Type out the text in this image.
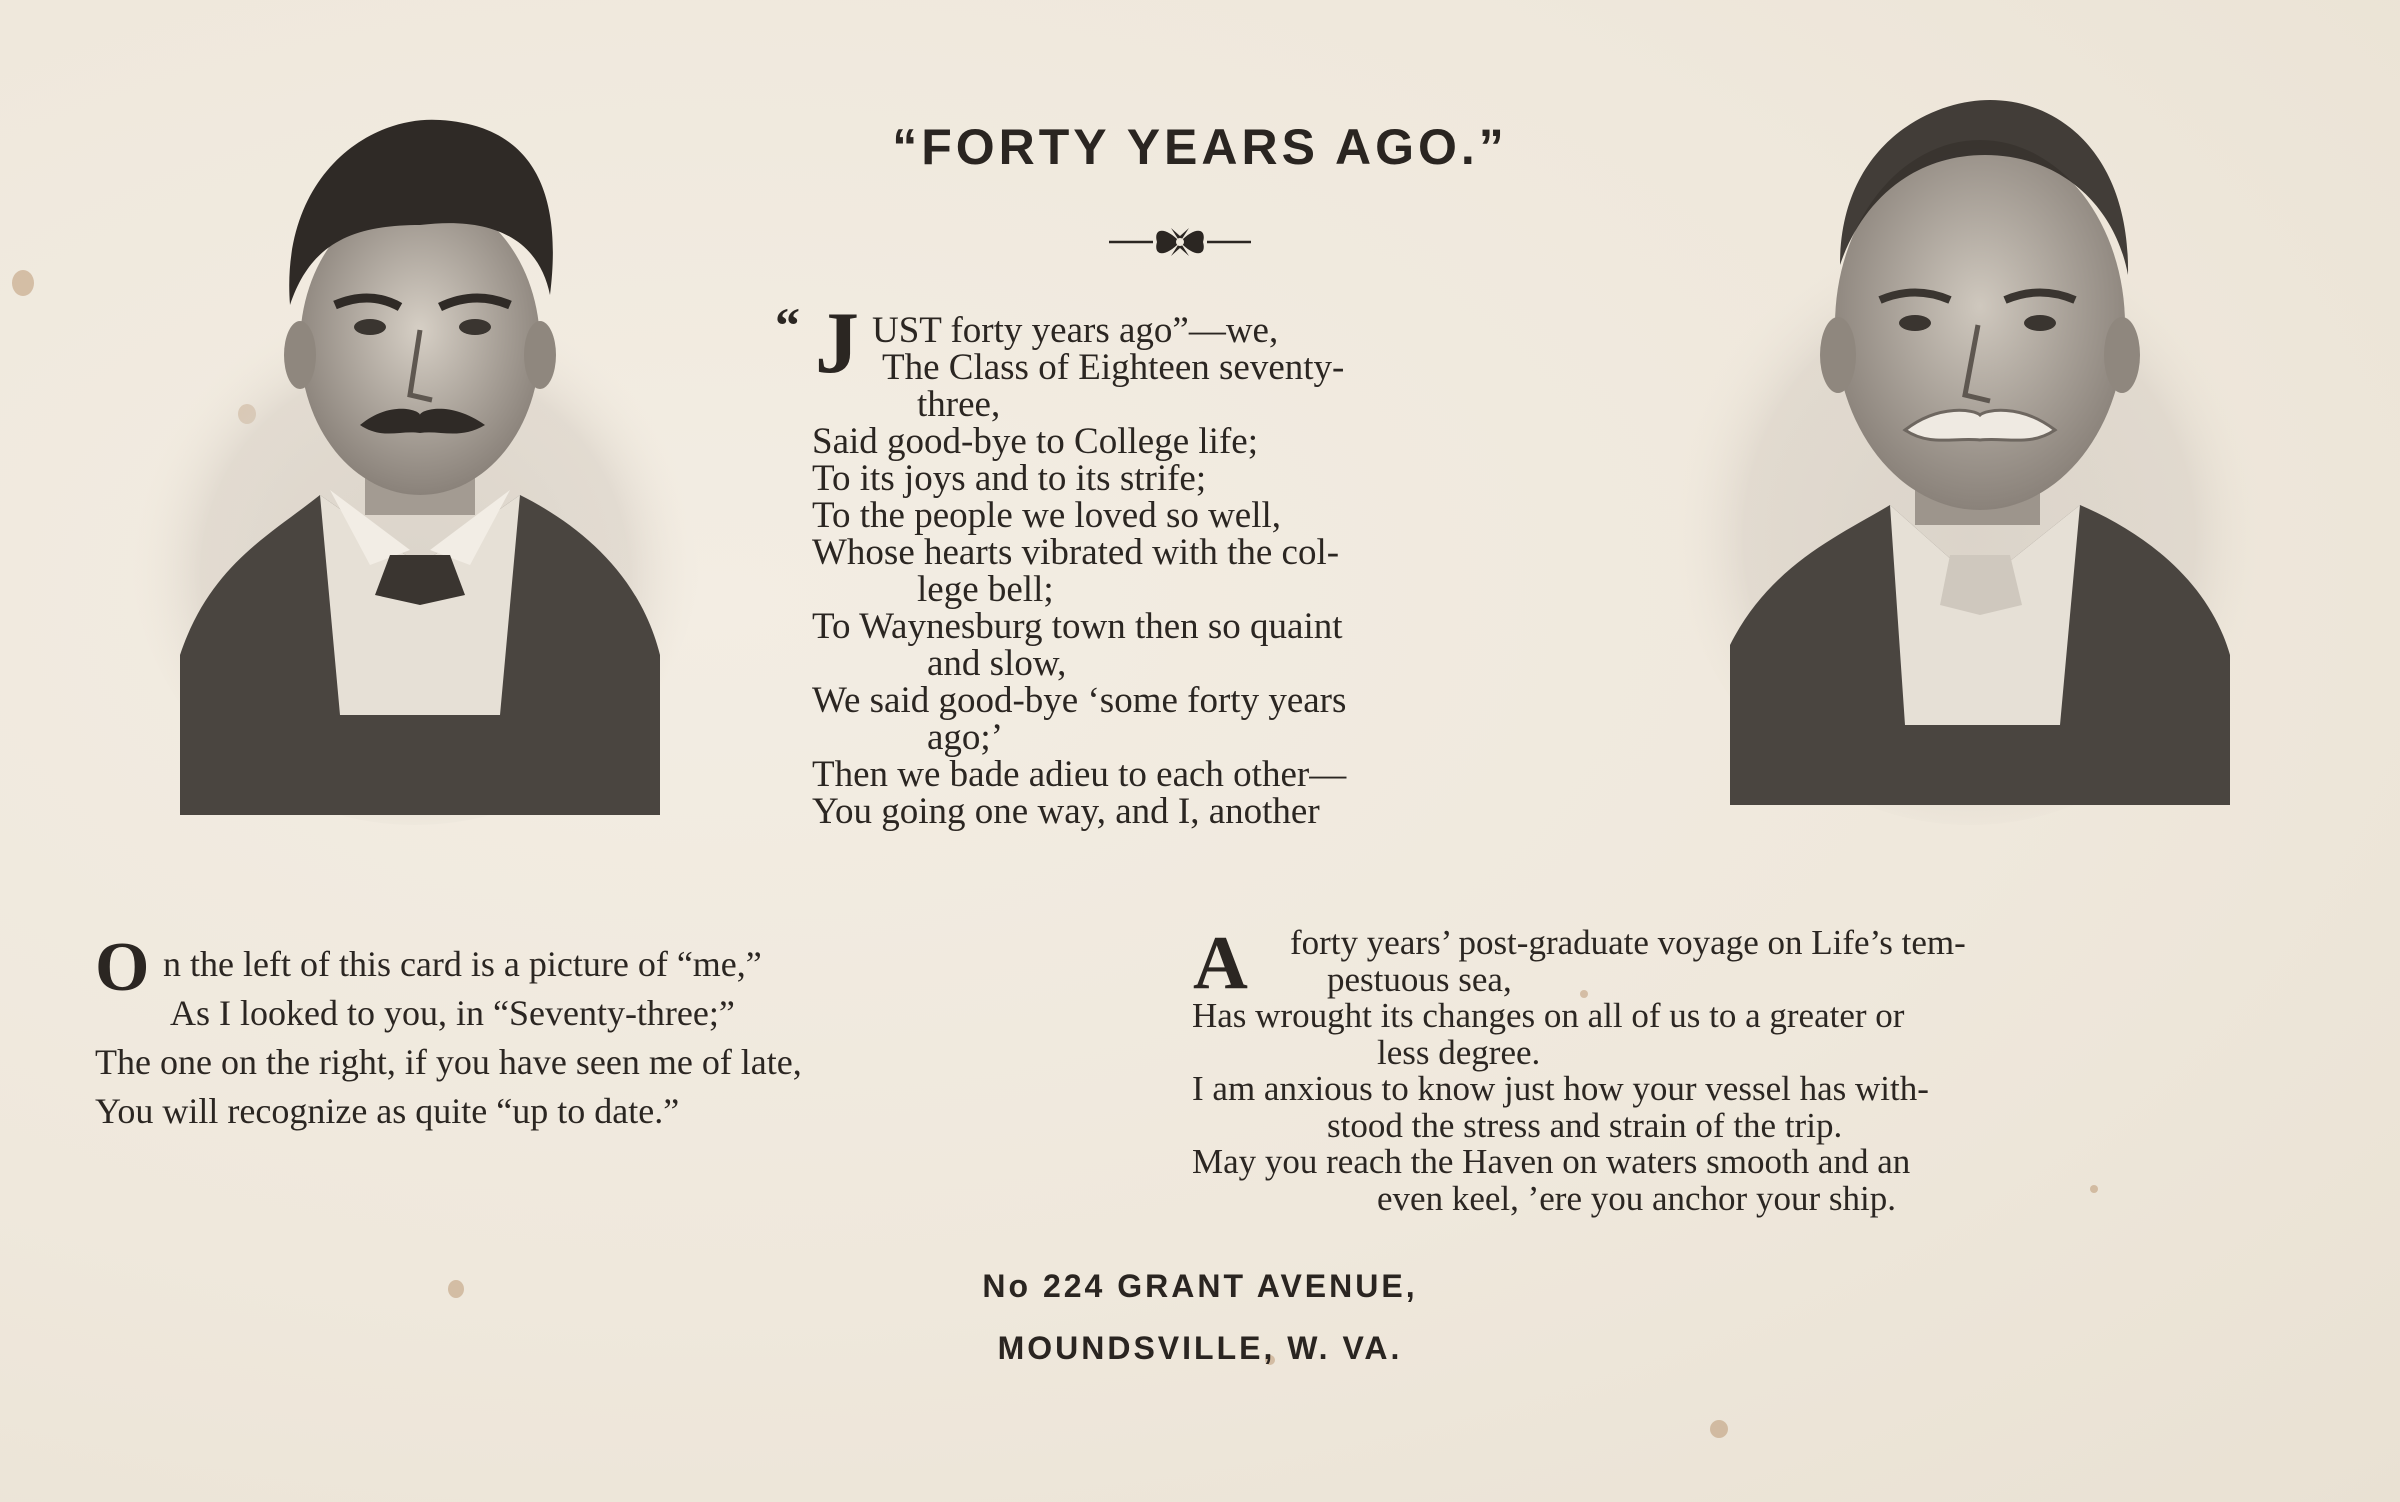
“FORTY YEARS AGO.”
“ J UST forty years ago”—we,
The Class of Eighteen seventy-
three,
Said good-bye to College life;
To its joys and to its strife;
To the people we loved so well,
Whose hearts vibrated with the col-
lege bell;
To Waynesburg town then so quaint
and slow,
We said good-bye ‘some forty years
ago;’
Then we bade adieu to each other—
You going one way, and I, another
O n the left of this card is a picture of “me,”
As I looked to you, in “Seventy-three;”
The one on the right, if you have seen me of late,
You will recognize as quite “up to date.”
A	forty years’ post-graduate voyage on Life’s tem-
pestuous sea,
Has wrought its changes on all of us to a greater or
less degree.
I am anxious to know just how your vessel has with-
stood the stress and strain of the trip.
May you reach the Haven on waters smooth and an
even keel, ’ere you anchor your ship.
No 224 GRANT AVENUE,
MOUNDSVILLE, W. VA.
